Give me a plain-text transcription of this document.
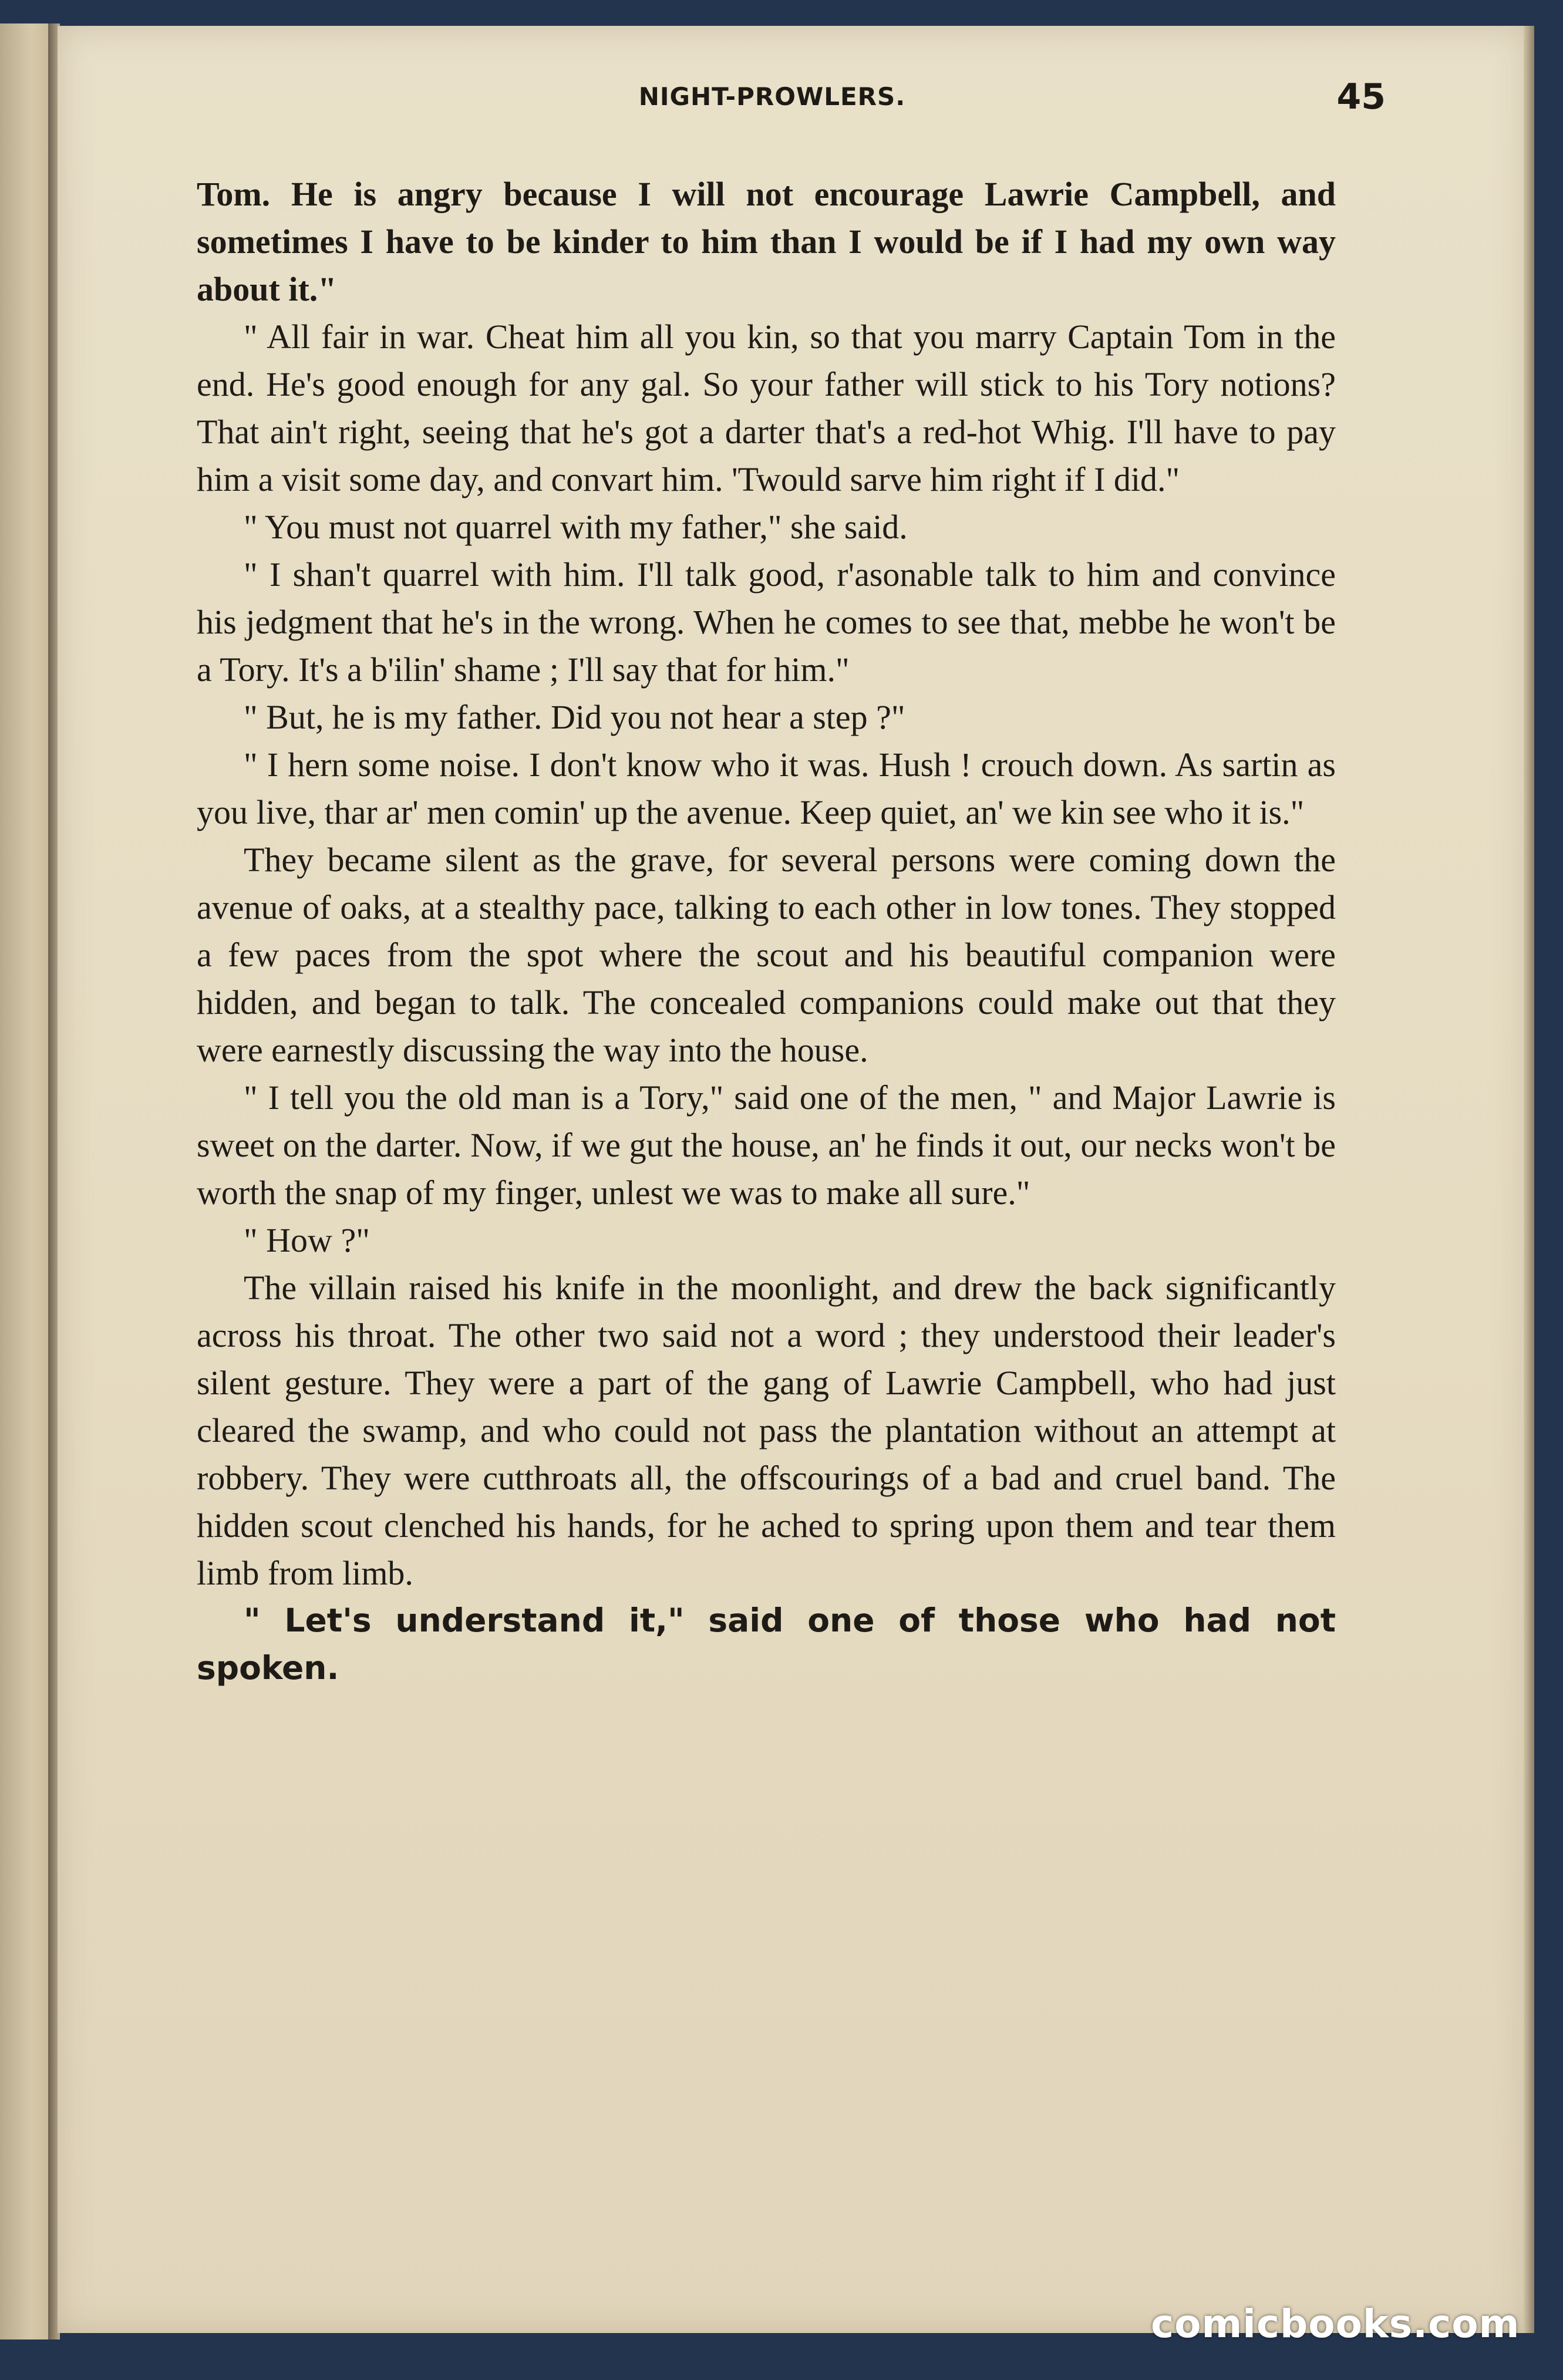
NIGHT-PROWLERS.	45

Tom. He is angry because I will not encourage Lawrie Campbell, and sometimes I have to be kinder to him than I would be if I had my own way about it."

" All fair in war. Cheat him all you kin, so that you marry Captain Tom in the end. He's good enough for any gal. So your father will stick to his Tory notions? That ain't right, seeing that he's got a darter that's a red-hot Whig. I'll have to pay him a visit some day, and convart him. 'Twould sarve him right if I did."

" You must not quarrel with my father," she said.

" I shan't quarrel with him. I'll talk good, r'asonable talk to him and convince his jedgment that he's in the wrong. When he comes to see that, mebbe he won't be a Tory. It's a b'ilin' shame ; I'll say that for him."

" But, he is my father. Did you not hear a step ?"

" I hern some noise. I don't know who it was. Hush ! crouch down. As sartin as you live, thar ar' men comin' up the avenue. Keep quiet, an' we kin see who it is."

They became silent as the grave, for several persons were coming down the avenue of oaks, at a stealthy pace, talking to each other in low tones. They stopped a few paces from the spot where the scout and his beautiful companion were hidden, and began to talk. The concealed companions could make out that they were earnestly discussing the way into the house.

" I tell you the old man is a Tory," said one of the men, " and Major Lawrie is sweet on the darter. Now, if we gut the house, an' he finds it out, our necks won't be worth the snap of my finger, unlest we was to make all sure."

" How ?"

The villain raised his knife in the moonlight, and drew the back significantly across his throat. The other two said not a word ; they understood their leader's silent gesture. They were a part of the gang of Lawrie Campbell, who had just cleared the swamp, and who could not pass the plantation without an attempt at robbery. They were cutthroats all, the offscourings of a bad and cruel band. The hidden scout clenched his hands, for he ached to spring upon them and tear them limb from limb.

" Let's understand it," said one of those who had not spoken.

comicbooks.com
